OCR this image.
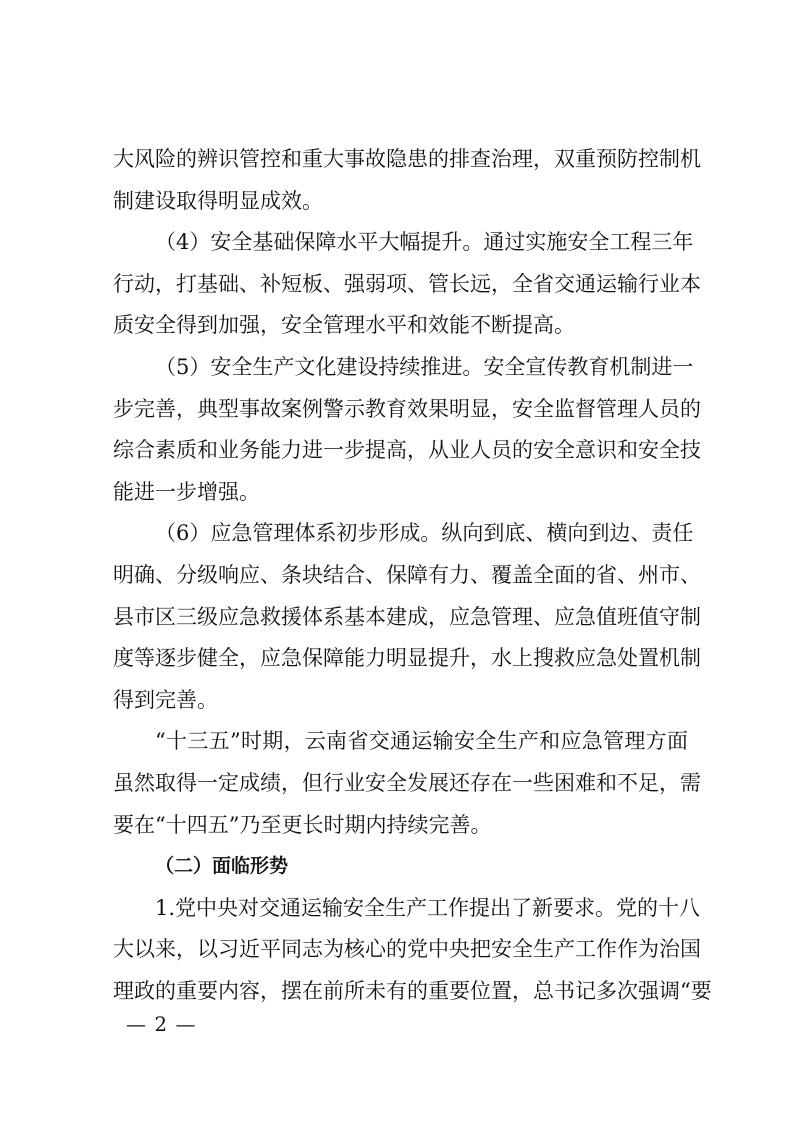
大风险的辨识管控和重大事故隐患的排查治理，双重预防控制机
制建设取得明显成效。
（4）安全基础保障水平大幅提升。通过实施安全工程三年
行动，打基础、补短板、强弱项、管长远，全省交通运输行业本
质安全得到加强，安全管理水平和效能不断提高。
（5）安全生产文化建设持续推进。安全宣传教育机制进一
步完善，典型事故案例警示教育效果明显，安全监督管理人员的
综合素质和业务能力进一步提高，从业人员的安全意识和安全技
能进一步增强。
（6）应急管理体系初步形成。纵向到底、横向到边、责任
明确、分级响应、条块结合、保障有力、覆盖全面的省、州市、
县市区三级应急救援体系基本建成，应急管理、应急值班值守制
度等逐步健全，应急保障能力明显提升，水上搜救应急处置机制
得到完善。
“十三五”时期，云南省交通运输安全生产和应急管理方面
虽然取得一定成绩，但行业安全发展还存在一些困难和不足，需
要在“十四五”乃至更长时期内持续完善。
（二）面临形势
1.党中央对交通运输安全生产工作提出了新要求。党的十八
大以来，以习近平同志为核心的党中央把安全生产工作作为治国
理政的重要内容，摆在前所未有的重要位置，总书记多次强调“要
— 2 —
